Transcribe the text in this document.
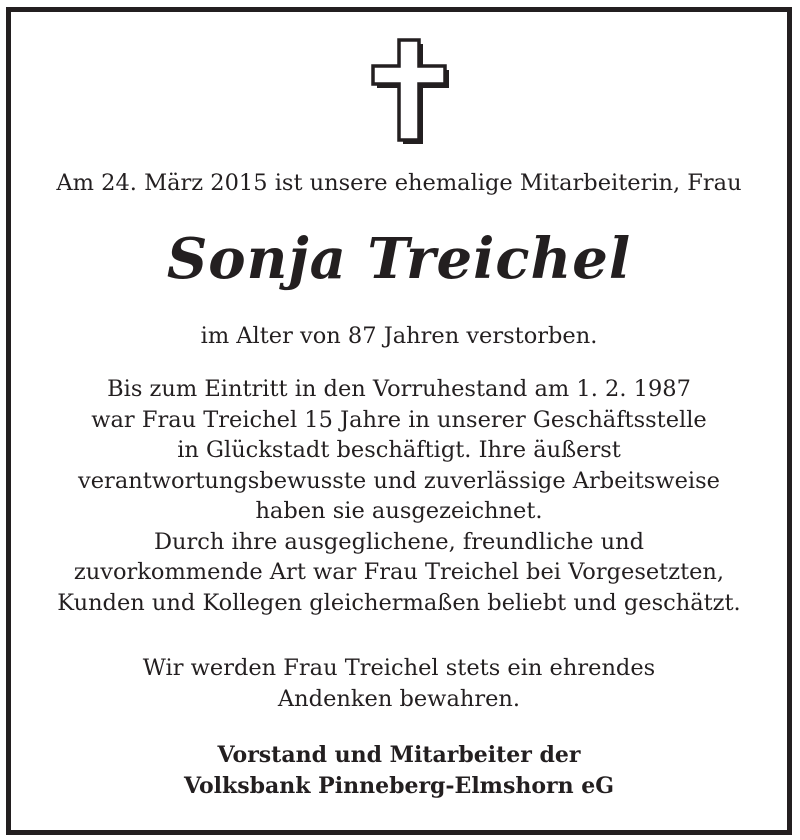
Am 24. März 2015 ist unsere ehemalige Mitarbeiterin, Frau
Sonja Treichel
im Alter von 87 Jahren verstorben.
Bis zum Eintritt in den Vorruhestand am 1. 2. 1987
war Frau Treichel 15 Jahre in unserer Geschäftsstelle
in Glückstadt beschäftigt. Ihre äußerst
verantwortungsbewusste und zuverlässige Arbeitsweise
haben sie ausgezeichnet.
Durch ihre ausgeglichene, freundliche und
zuvorkommende Art war Frau Treichel bei Vorgesetzten,
Kunden und Kollegen gleichermaßen beliebt und geschätzt.
Wir werden Frau Treichel stets ein ehrendes
Andenken bewahren.
Vorstand und Mitarbeiter der
Volksbank Pinneberg-Elmshorn eG
